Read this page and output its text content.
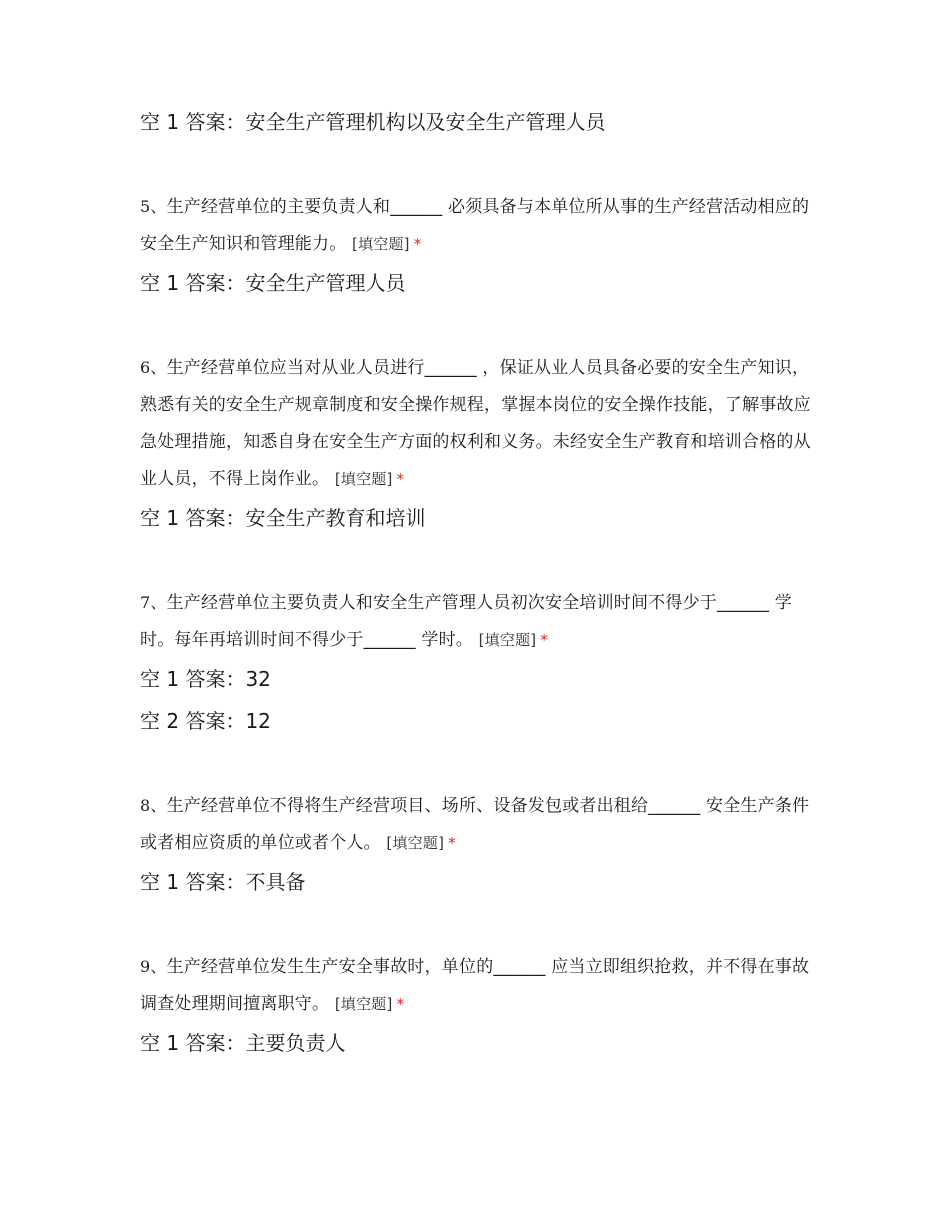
空 1 答案：安全生产管理机构以及安全生产管理人员

5、生产经营单位的主要负责人和______ 必须具备与本单位所从事的生产经营活动相应的安全生产知识和管理能力。 [填空题] *

空 1 答案：安全生产管理人员

6、生产经营单位应当对从业人员进行______ ，保证从业人员具备必要的安全生产知识，熟悉有关的安全生产规章制度和安全操作规程，掌握本岗位的安全操作技能，了解事故应急处理措施，知悉自身在安全生产方面的权利和义务。未经安全生产教育和培训合格的从业人员，不得上岗作业。 [填空题] *

空 1 答案：安全生产教育和培训

7、生产经营单位主要负责人和安全生产管理人员初次安全培训时间不得少于______ 学时。每年再培训时间不得少于______ 学时。 [填空题] *

空 1 答案：32

空 2 答案：12

8、生产经营单位不得将生产经营项目、场所、设备发包或者出租给______ 安全生产条件或者相应资质的单位或者个人。 [填空题] *

空 1 答案：不具备

9、生产经营单位发生生产安全事故时，单位的______ 应当立即组织抢救，并不得在事故调查处理期间擅离职守。 [填空题] *

空 1 答案：主要负责人
